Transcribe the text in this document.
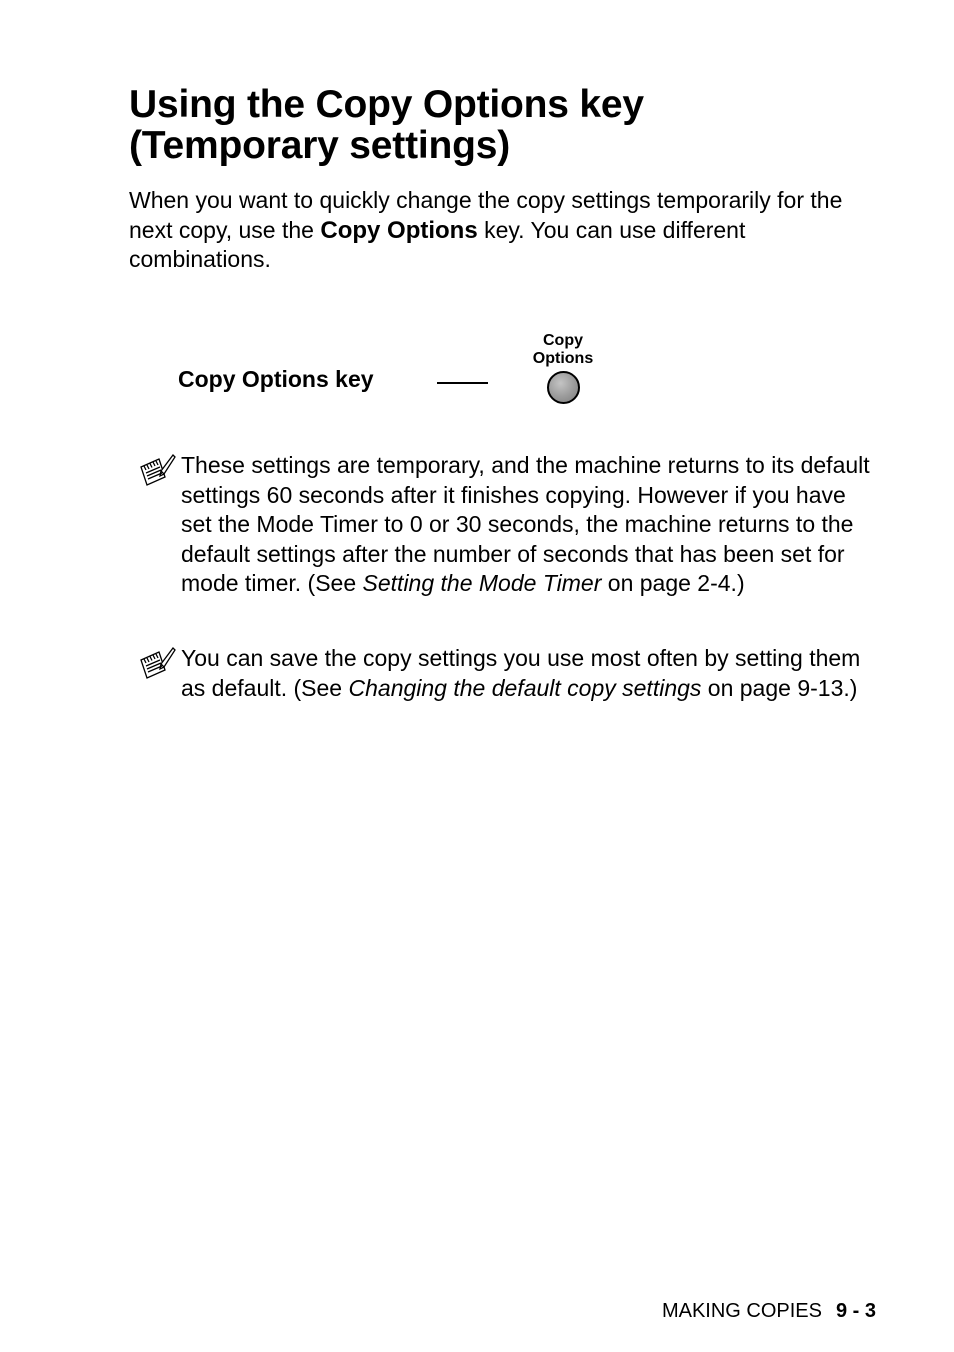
Using the Copy Options key
(Temporary settings)

When you want to quickly change the copy settings temporarily for the next copy, use the Copy Options key. You can use different combinations.

Copy Options key
Copy
Options

These settings are temporary, and the machine returns to its default settings 60 seconds after it finishes copying. However if you have set the Mode Timer to 0 or 30 seconds, the machine returns to the default settings after the number of seconds that has been set for mode timer. (See Setting the Mode Timer on page 2-4.)

You can save the copy settings you use most often by setting them as default. (See Changing the default copy settings on page 9-13.)

MAKING COPIES 9 - 3
